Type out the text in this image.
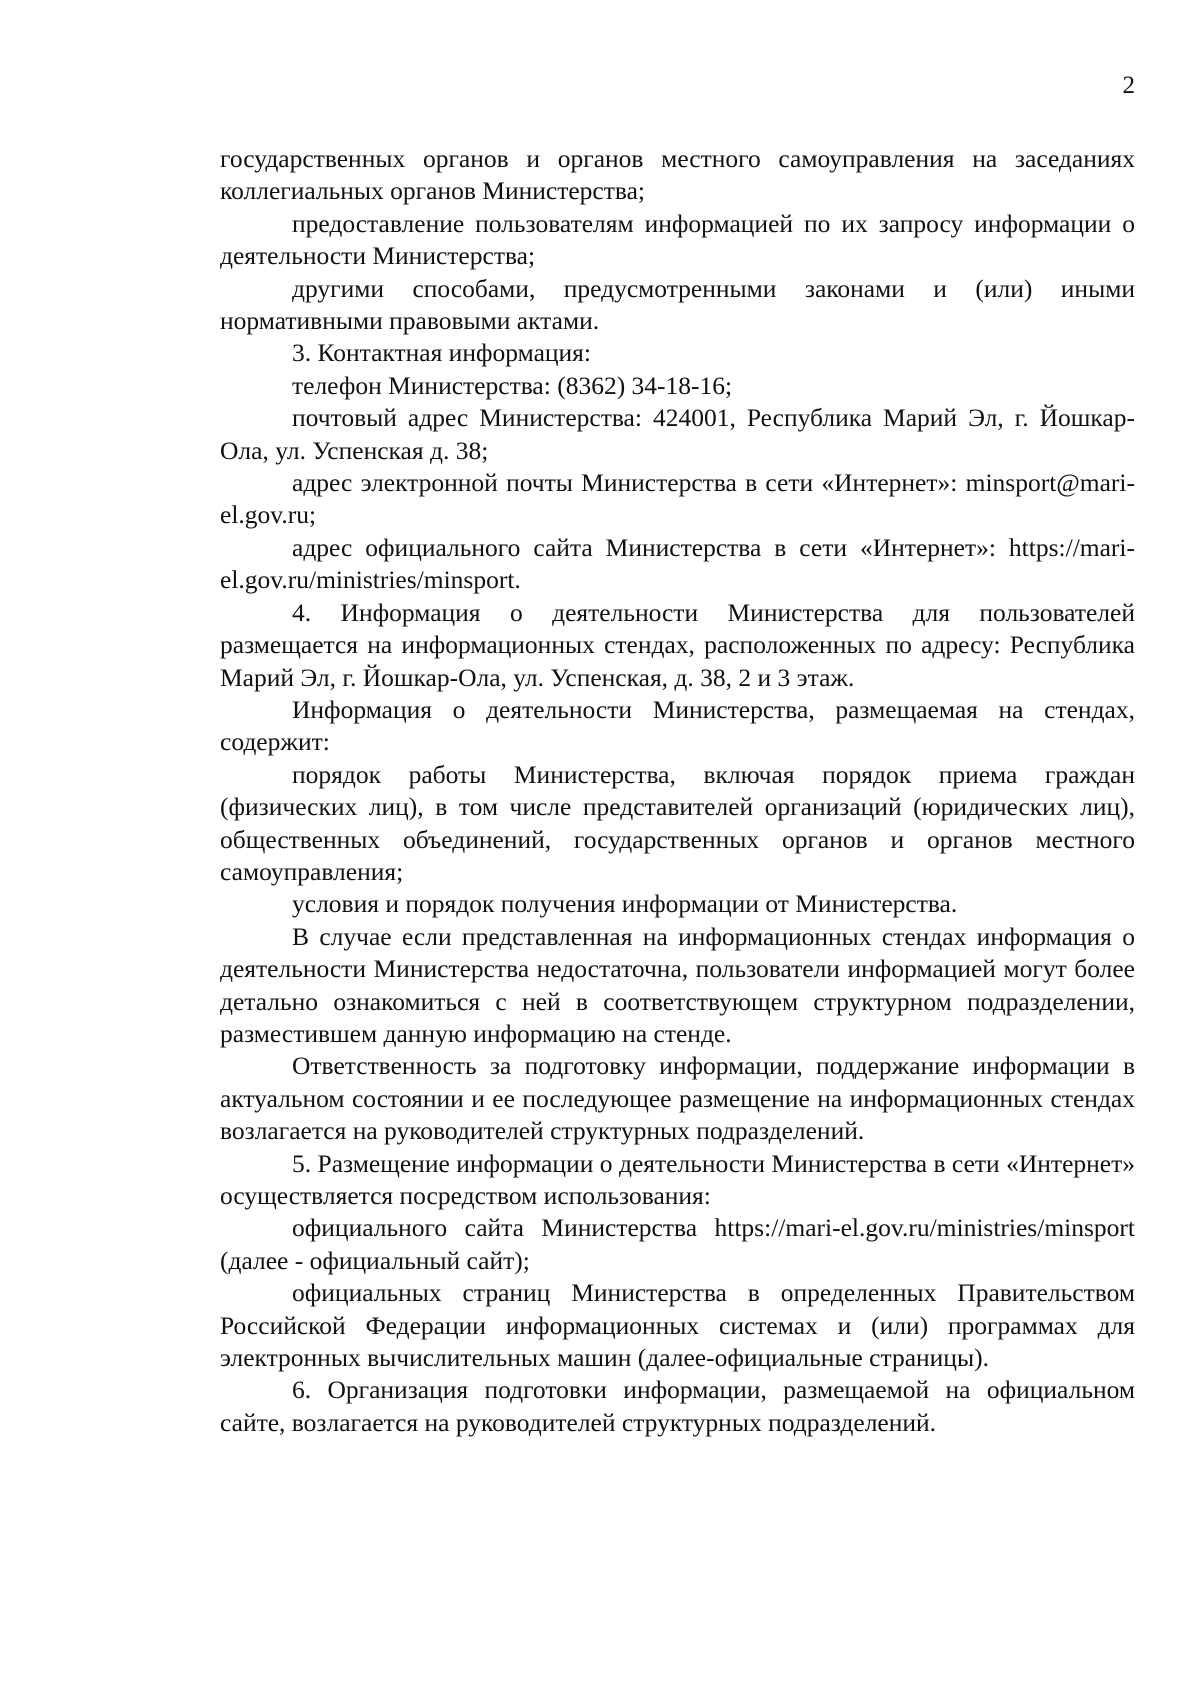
2

государственных органов и органов местного самоуправления на заседаниях коллегиальных органов Министерства;

предоставление пользователям информацией по их запросу информации о деятельности Министерства;

другими способами, предусмотренными законами и (или) иными нормативными правовыми актами.

3. Контактная информация:

телефон Министерства: (8362) 34-18-16;

почтовый адрес Министерства: 424001, Республика Марий Эл, г. Йошкар-Ола, ул. Успенская д. 38;

адрес электронной почты Министерства в сети «Интернет»: minsport@mari-el.gov.ru;

адрес официального сайта Министерства в сети «Интернет»: https://mari-el.gov.ru/ministries/minsport.

4. Информация о деятельности Министерства для пользователей размещается на информационных стендах, расположенных по адресу: Республика Марий Эл, г. Йошкар-Ола, ул. Успенская, д. 38, 2 и 3 этаж.

Информация о деятельности Министерства, размещаемая на стендах, содержит:

порядок работы Министерства, включая порядок приема граждан (физических лиц), в том числе представителей организаций (юридических лиц), общественных объединений, государственных органов и органов местного самоуправления;

условия и порядок получения информации от Министерства.

В случае если представленная на информационных стендах информация о деятельности Министерства недостаточна, пользователи информацией могут более детально ознакомиться с ней в соответствующем структурном подразделении, разместившем данную информацию на стенде.

Ответственность за подготовку информации, поддержание информации в актуальном состоянии и ее последующее размещение на информационных стендах возлагается на руководителей структурных подразделений.

5. Размещение информации о деятельности Министерства в сети «Интернет» осуществляется посредством использования:

официального сайта Министерства https://mari-el.gov.ru/ministries/minsport (далее - официальный сайт);

официальных страниц Министерства в определенных Правительством Российской Федерации информационных системах и (или) программах для электронных вычислительных машин (далее-официальные страницы).

6. Организация подготовки информации, размещаемой на официальном сайте, возлагается на руководителей структурных подразделений.
